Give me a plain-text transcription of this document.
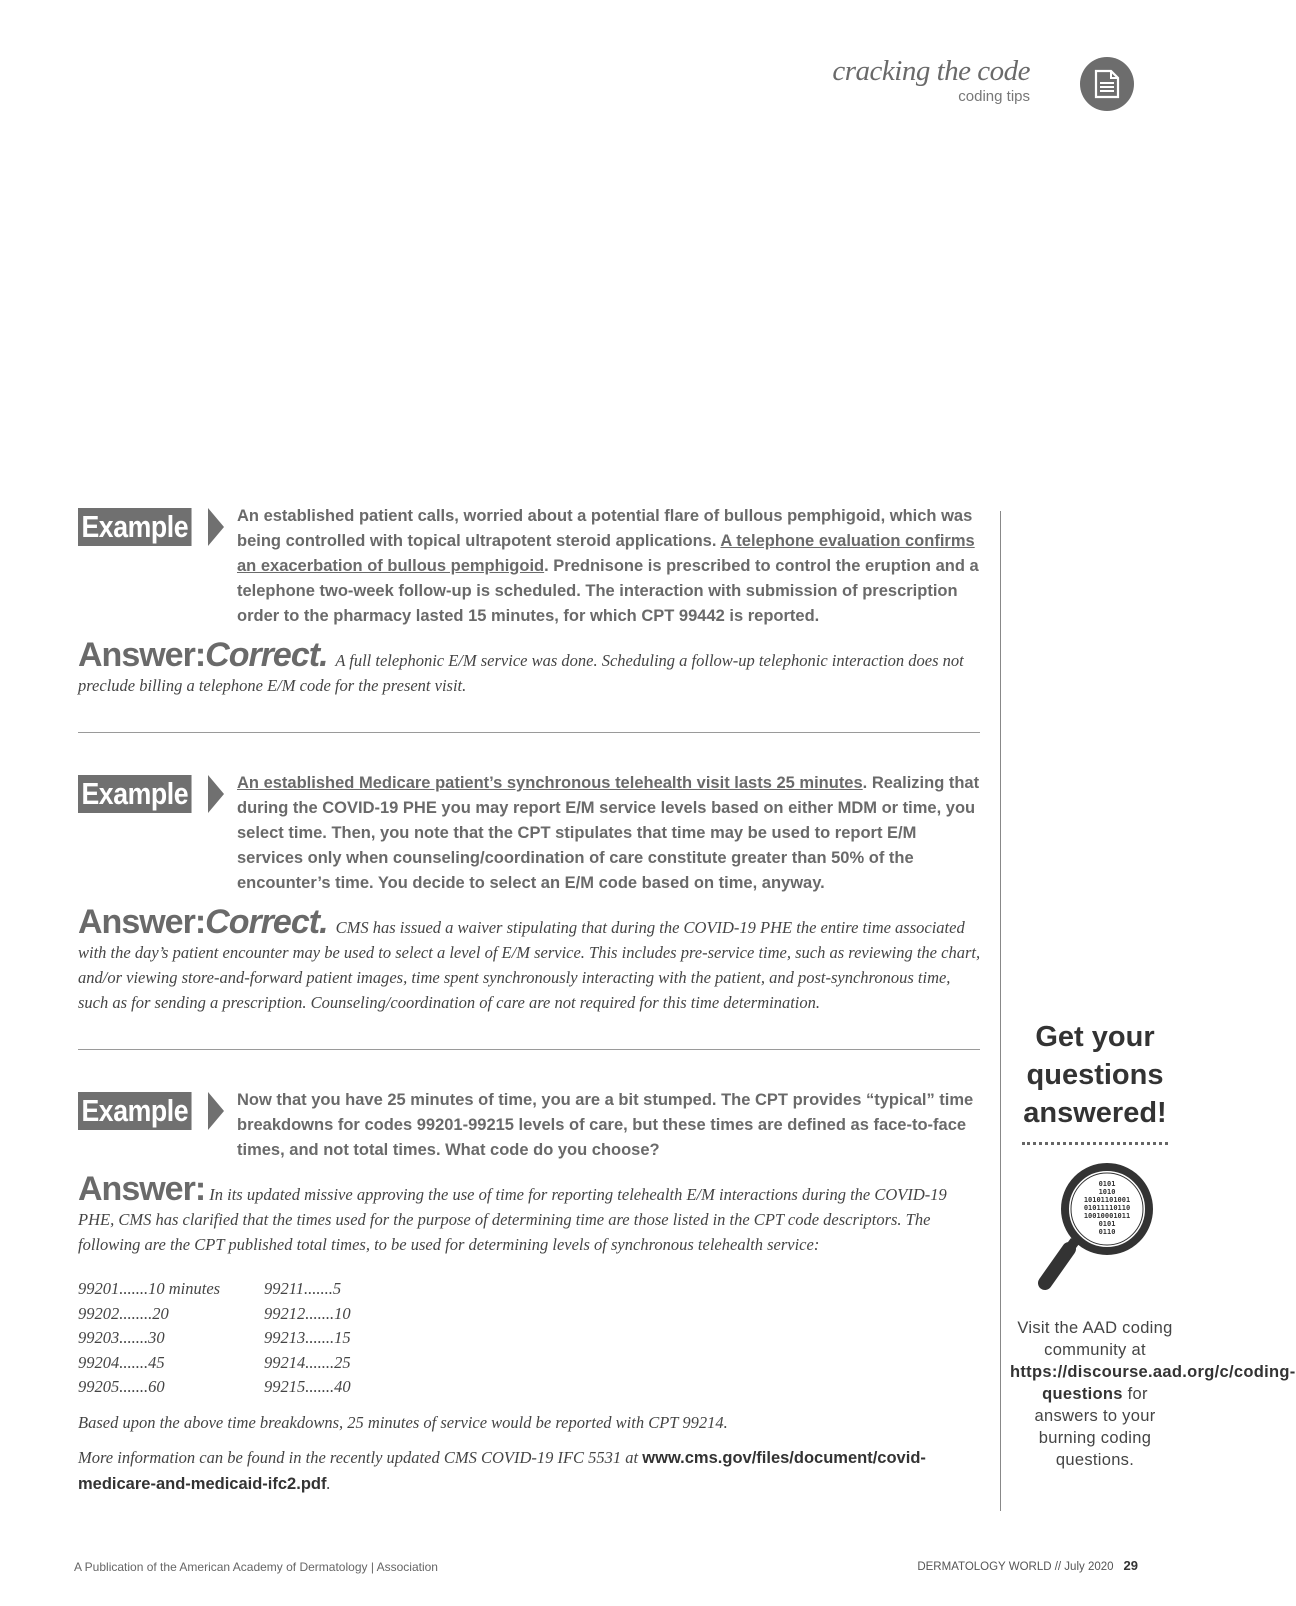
cracking the code
coding tips
Example 2 An established patient calls, worried about a potential flare of bullous pemphigoid, which was being controlled with topical ultrapotent steroid applications. A telephone evaluation confirms an exacerbation of bullous pemphigoid. Prednisone is prescribed to control the eruption and a telephone two-week follow-up is scheduled. The interaction with submission of prescription order to the pharmacy lasted 15 minutes, for which CPT 99442 is reported.
Answer:Correct. A full telephonic E/M service was done. Scheduling a follow-up telephonic interaction does not preclude billing a telephone E/M code for the present visit.
Example 3 An established Medicare patient’s synchronous telehealth visit lasts 25 minutes. Realizing that during the COVID-19 PHE you may report E/M service levels based on either MDM or time, you select time. Then, you note that the CPT stipulates that time may be used to report E/M services only when counseling/coordination of care constitute greater than 50% of the encounter’s time. You decide to select an E/M code based on time, anyway.
Answer:Correct. CMS has issued a waiver stipulating that during the COVID-19 PHE the entire time associated with the day’s patient encounter may be used to select a level of E/M service. This includes pre-service time, such as reviewing the chart, and/or viewing store-and-forward patient images, time spent synchronously interacting with the patient, and post-synchronous time, such as for sending a prescription. Counseling/coordination of care are not required for this time determination.
Example 4 Now that you have 25 minutes of time, you are a bit stumped. The CPT provides “typical” time breakdowns for codes 99201-99215 levels of care, but these times are defined as face-to-face times, and not total times. What code do you choose?
Answer: In its updated missive approving the use of time for reporting telehealth E/M interactions during the COVID-19 PHE, CMS has clarified that the times used for the purpose of determining time are those listed in the CPT code descriptors. The following are the CPT published total times, to be used for determining levels of synchronous telehealth service:
99201.......10 minutes
99202........20
99203.......30
99204.......45
99205.......60
99211.......5
99212.......10
99213.......15
99214.......25
99215.......40
Based upon the above time breakdowns, 25 minutes of service would be reported with CPT 99214.
More information can be found in the recently updated CMS COVID-19 IFC 5531 at www.cms.gov/files/document/covid-medicare-and-medicaid-ifc2.pdf.
Get your questions answered!
0101
1010
10101101001
01011110110
10010001011
0101
0110
Visit the AAD coding community at https://discourse.aad.org/c/coding-questions for answers to your burning coding questions.
A Publication of the American Academy of Dermatology | Association	DERMATOLOGY WORLD // July 2020 29
